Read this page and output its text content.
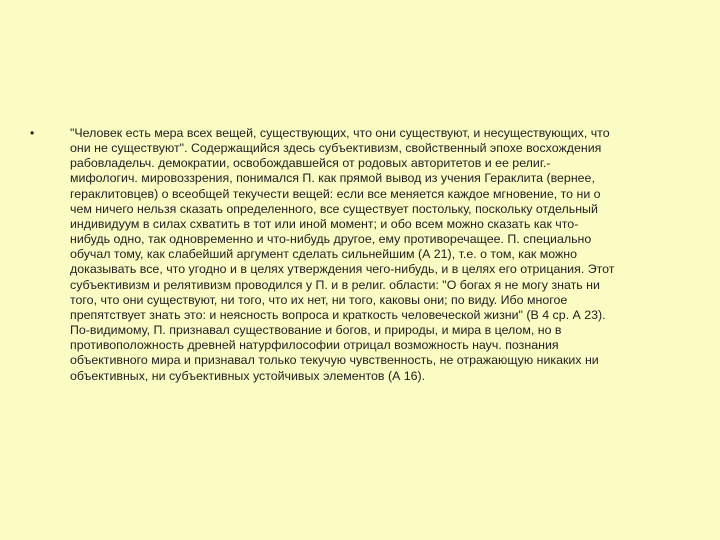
•	"Человек есть мера всех вещей, существующих, что они существуют, и несуществующих, что
они не существуют". Содержащийся здесь субъективизм, свойственный эпохе восхождения
рабовладельч. демократии, освобождавшейся от родовых авторитетов и ее религ.-
мифологич. мировоззрения, понимался П. как прямой вывод из учения Гераклита (вернее,
гераклитовцев) о всеобщей текучести вещей: если все меняется каждое мгновение, то ни о
чем ничего нельзя сказать определенного, все существует постольку, поскольку отдельный
индивидуум в силах схватить в тот или иной момент; и обо всем можно сказать как что-
нибудь одно, так одновременно и что-нибудь другое, ему противоречащее. П. специально
обучал тому, как слабейший аргумент сделать сильнейшим (А 21), т.е. о том, как можно
доказывать все, что угодно и в целях утверждения чего-нибудь, и в целях его отрицания. Этот
субъективизм и релятивизм проводился у П. и в религ. области: "О богах я не могу знать ни
того, что они существуют, ни того, что их нет, ни того, каковы они; по виду. Ибо многое
препятствует знать это: и неясность вопроса и краткость человеческой жизни" (В 4 ср. А 23).
По-видимому, П. признавал существование и богов, и природы, и мира в целом, но в
противоположность древней натурфилософии отрицал возможность науч. познания
объективного мира и признавал только текучую чувственность, не отражающую никаких ни
объективных, ни субъективных устойчивых элементов (А 16).
